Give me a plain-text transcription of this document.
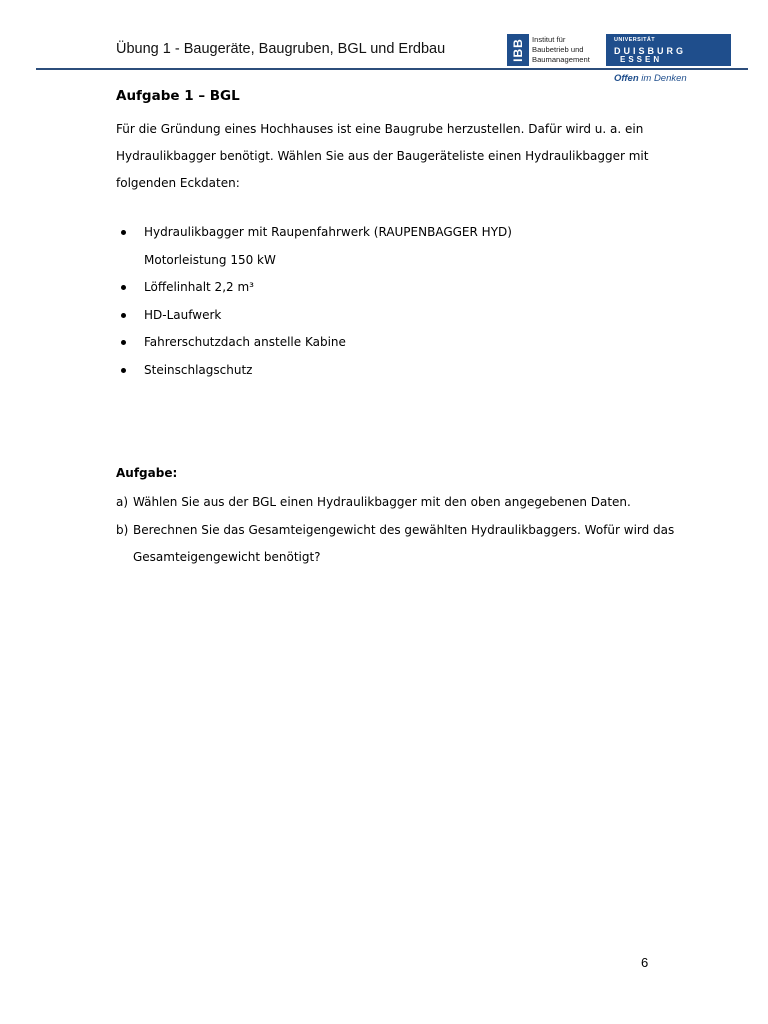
Übung 1 - Baugeräte, Baugruben, BGL und Erdbau	IBB Institut für
Baubetrieb und
Baumanagement
UNIVERSITÄT
DUISBURG
ESSEN
Offen im Denken
Aufgabe 1 – BGL
Für die Gründung eines Hochhauses ist eine Baugrube herzustellen. Dafür wird u. a. ein
Hydraulikbagger benötigt. Wählen Sie aus der Baugeräteliste einen Hydraulikbagger mit
folgenden Eckdaten:
Hydraulikbagger mit Raupenfahrwerk (RAUPENBAGGER HYD)
Motorleistung 150 kW
Löffelinhalt 2,2 m³
HD-Laufwerk
Fahrerschutzdach anstelle Kabine
Steinschlagschutz
Aufgabe:
a) Wählen Sie aus der BGL einen Hydraulikbagger mit den oben angegebenen Daten.
b) Berechnen Sie das Gesamteigengewicht des gewählten Hydraulikbaggers. Wofür wird das
Gesamteigengewicht benötigt?
6
